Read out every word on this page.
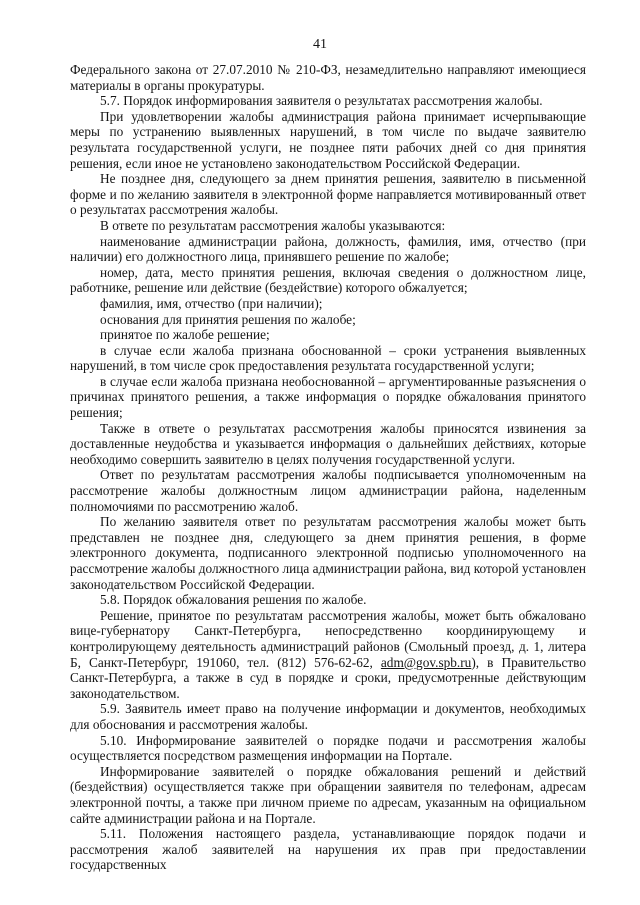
41

Федерального закона от 27.07.2010 № 210-ФЗ, незамедлительно направляют имеющиеся материалы в органы прокуратуры.

5.7. Порядок информирования заявителя о результатах рассмотрения жалобы.

При удовлетворении жалобы администрация района принимает исчерпывающие меры по устранению выявленных нарушений, в том числе по выдаче заявителю результата государственной услуги, не позднее пяти рабочих дней со дня принятия решения, если иное не установлено законодательством Российской Федерации.

Не позднее дня, следующего за днем принятия решения, заявителю в письменной форме и по желанию заявителя в электронной форме направляется мотивированный ответ о результатах рассмотрения жалобы.

В ответе по результатам рассмотрения жалобы указываются:

наименование администрации района, должность, фамилия, имя, отчество (при наличии) его должностного лица, принявшего решение по жалобе;

номер, дата, место принятия решения, включая сведения о должностном лице, работнике, решение или действие (бездействие) которого обжалуется;

фамилия, имя, отчество (при наличии);

основания для принятия решения по жалобе;

принятое по жалобе решение;

в случае если жалоба признана обоснованной – сроки устранения выявленных нарушений, в том числе срок предоставления результата государственной услуги;

в случае если жалоба признана необоснованной – аргументированные разъяснения о причинах принятого решения, а также информация о порядке обжалования принятого решения;

Также в ответе о результатах рассмотрения жалобы приносятся извинения за доставленные неудобства и указывается информация о дальнейших действиях, которые необходимо совершить заявителю в целях получения государственной услуги.

Ответ по результатам рассмотрения жалобы подписывается уполномоченным на рассмотрение жалобы должностным лицом администрации района, наделенным полномочиями по рассмотрению жалоб.

По желанию заявителя ответ по результатам рассмотрения жалобы может быть представлен не позднее дня, следующего за днем принятия решения, в форме электронного документа, подписанного электронной подписью уполномоченного на рассмотрение жалобы должностного лица администрации района, вид которой установлен законодательством Российской Федерации.

5.8. Порядок обжалования решения по жалобе.

Решение, принятое по результатам рассмотрения жалобы, может быть обжаловано вице-губернатору Санкт-Петербурга, непосредственно координирующему и контролирующему деятельность администраций районов (Смольный проезд, д. 1, литера Б, Санкт-Петербург, 191060, тел. (812) 576-62-62, adm@gov.spb.ru), в Правительство Санкт-Петербурга, а также в суд в порядке и сроки, предусмотренные действующим законодательством.

5.9. Заявитель имеет право на получение информации и документов, необходимых для обоснования и рассмотрения жалобы.

5.10. Информирование заявителей о порядке подачи и рассмотрения жалобы осуществляется посредством размещения информации на Портале.

Информирование заявителей о порядке обжалования решений и действий (бездействия) осуществляется также при обращении заявителя по телефонам, адресам электронной почты, а также при личном приеме по адресам, указанным на официальном сайте администрации района и на Портале.

5.11. Положения настоящего раздела, устанавливающие порядок подачи и рассмотрения жалоб заявителей на нарушения их прав при предоставлении государственных
